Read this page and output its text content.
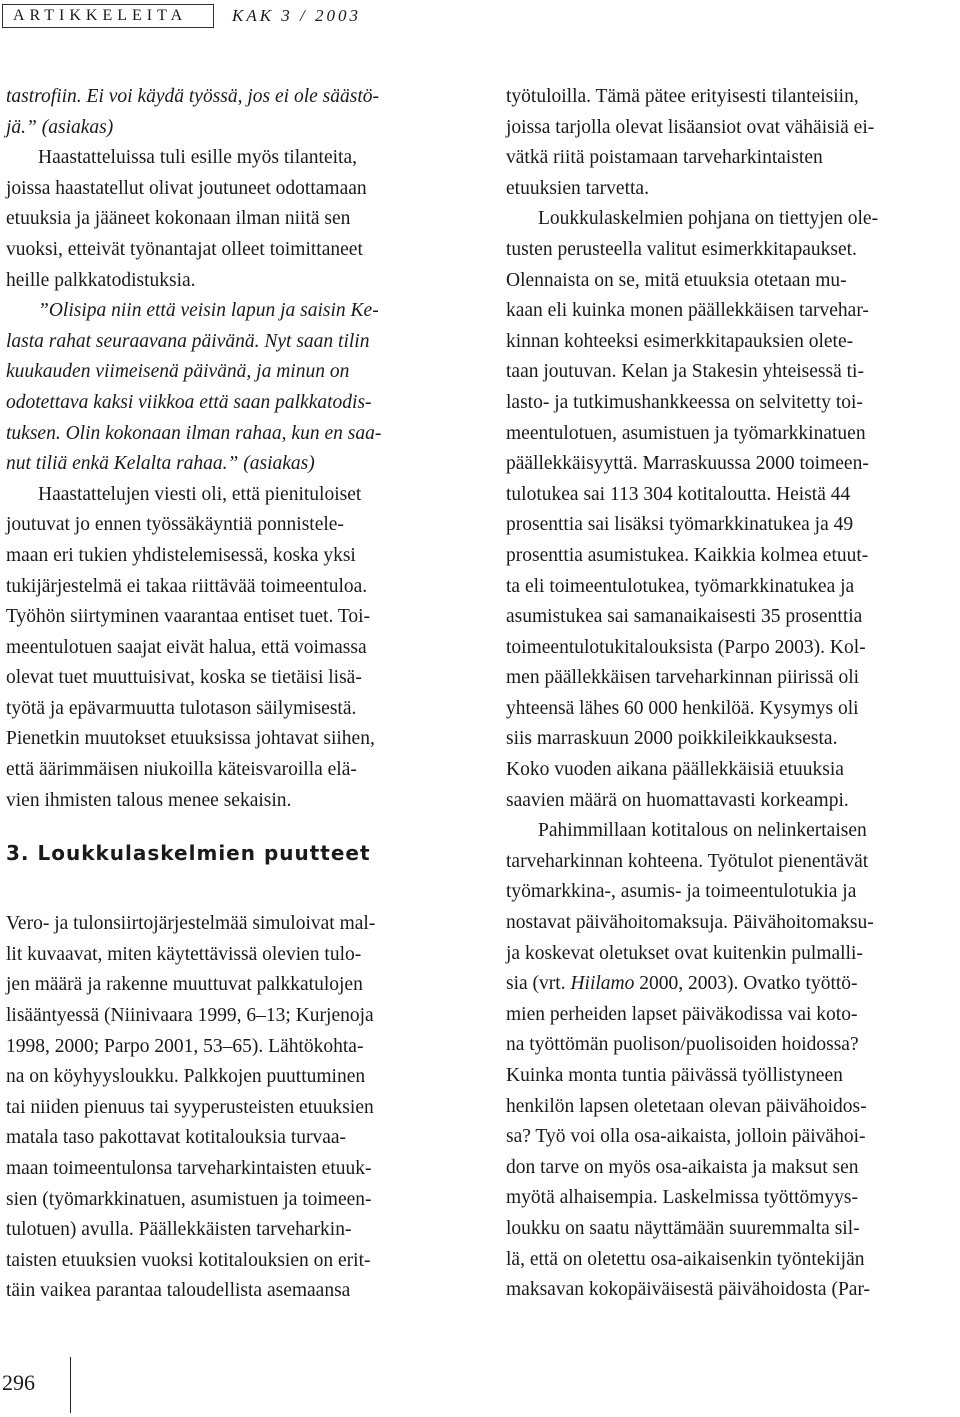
ARTIKKELEITA	KAK 3 / 2003
tastrofiin. Ei voi käydä työssä, jos ei ole säästö-
jä.” (asiakas)
Haastatteluissa tuli esille myös tilanteita,
joissa haastatellut olivat joutuneet odottamaan
etuuksia ja jääneet kokonaan ilman niitä sen
vuoksi, etteivät työnantajat olleet toimittaneet
heille palkkatodistuksia.
”Olisipa niin että veisin lapun ja saisin Ke-
lasta rahat seuraavana päivänä. Nyt saan tilin
kuukauden viimeisenä päivänä, ja minun on
odotettava kaksi viikkoa että saan palkkatodis-
tuksen. Olin kokonaan ilman rahaa, kun en saa-
nut tiliä enkä Kelalta rahaa.” (asiakas)
Haastattelujen viesti oli, että pienituloiset
joutuvat jo ennen työssäkäyntiä ponnistele-
maan eri tukien yhdistelemisessä, koska yksi
tukijärjestelmä ei takaa riittävää toimeentuloa.
Työhön siirtyminen vaarantaa entiset tuet. Toi-
meentulotuen saajat eivät halua, että voimassa
olevat tuet muuttuisivat, koska se tietäisi lisä-
työtä ja epävarmuutta tulotason säilymisestä.
Pienetkin muutokset etuuksissa johtavat siihen,
että äärimmäisen niukoilla käteisvaroilla elä-
vien ihmisten talous menee sekaisin.
3. Loukkulaskelmien puutteet
Vero- ja tulonsiirtojärjestelmää simuloivat mal-
lit kuvaavat, miten käytettävissä olevien tulo-
jen määrä ja rakenne muuttuvat palkkatulojen
lisääntyessä (Niinivaara 1999, 6–13; Kurjenoja
1998, 2000; Parpo 2001, 53–65). Lähtökohta-
na on köyhyysloukku. Palkkojen puuttuminen
tai niiden pienuus tai syyperusteisten etuuksien
matala taso pakottavat kotitalouksia turvaa-
maan toimeentulonsa tarveharkintaisten etuuk-
sien (työmarkkinatuen, asumistuen ja toimeen-
tulotuen) avulla. Päällekkäisten tarveharkin-
taisten etuuksien vuoksi kotitalouksien on erit-
täin vaikea parantaa taloudellista asemaansa
työtuloilla. Tämä pätee erityisesti tilanteisiin,
joissa tarjolla olevat lisäansiot ovat vähäisiä ei-
vätkä riitä poistamaan tarveharkintaisten
etuuksien tarvetta.
Loukkulaskelmien pohjana on tiettyjen ole-
tusten perusteella valitut esimerkkitapaukset.
Olennaista on se, mitä etuuksia otetaan mu-
kaan eli kuinka monen päällekkäisen tarvehar-
kinnan kohteeksi esimerkkitapauksien olete-
taan joutuvan. Kelan ja Stakesin yhteisessä ti-
lasto- ja tutkimushankkeessa on selvitetty toi-
meentulotuen, asumistuen ja työmarkkinatuen
päällekkäisyyttä. Marraskuussa 2000 toimeen-
tulotukea sai 113 304 kotitaloutta. Heistä 44
prosenttia sai lisäksi työmarkkinatukea ja 49
prosenttia asumistukea. Kaikkia kolmea etuut-
ta eli toimeentulotukea, työmarkkinatukea ja
asumistukea sai samanaikaisesti 35 prosenttia
toimeentulotukitalouksista (Parpo 2003). Kol-
men päällekkäisen tarveharkinnan piirissä oli
yhteensä lähes 60 000 henkilöä. Kysymys oli
siis marraskuun 2000 poikkileikkauksesta.
Koko vuoden aikana päällekkäisiä etuuksia
saavien määrä on huomattavasti korkeampi.
Pahimmillaan kotitalous on nelinkertaisen
tarveharkinnan kohteena. Työtulot pienentävät
työmarkkina-, asumis- ja toimeentulotukia ja
nostavat päivähoitomaksuja. Päivähoitomaksu-
ja koskevat oletukset ovat kuitenkin pulmalli-
sia (vrt. Hiilamo 2000, 2003). Ovatko työttö-
mien perheiden lapset päiväkodissa vai koto-
na työttömän puolison/puolisoiden hoidossa?
Kuinka monta tuntia päivässä työllistyneen
henkilön lapsen oletetaan olevan päivähoidos-
sa? Työ voi olla osa-aikaista, jolloin päivähoi-
don tarve on myös osa-aikaista ja maksut sen
myötä alhaisempia. Laskelmissa työttömyys-
loukku on saatu näyttämään suuremmalta sil-
lä, että on oletettu osa-aikaisenkin työntekijän
maksavan kokopäiväisestä päivähoidosta (Par-
296
